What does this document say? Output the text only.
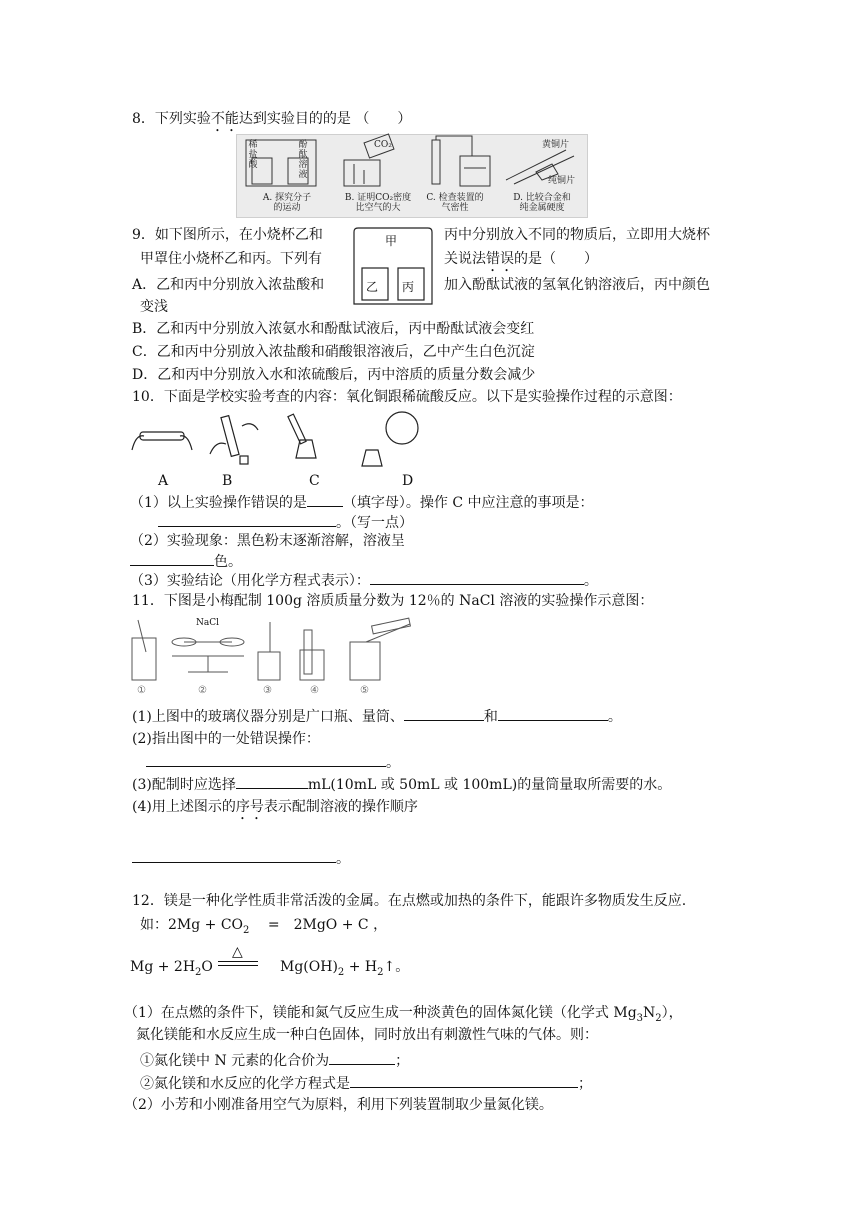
8．下列实验不能达到实验目的的是 （　　）
稀盐酸
酚酞溶液
CO₂	黄铜片
纯铜片
A. 探究分子
的运动
B. 证明CO₂密度
比空气的大
C. 检查装置的
气密性
D. 比较合金和
纯金属硬度
9．如下图所示，在小烧杯乙和	丙中分别放入不同的物质后，立即用大烧杯
甲罩住小烧杯乙和丙。下列有	关说法错误的是（　　）
甲
乙 丙
A．乙和丙中分别放入浓盐酸和	加入酚酞试液的氢氧化钠溶液后，丙中颜色
变浅
B．乙和丙中分别放入浓氨水和酚酞试液后，丙中酚酞试液会变红
C．乙和丙中分别放入浓盐酸和硝酸银溶液后，乙中产生白色沉淀
D．乙和丙中分别放入水和浓硫酸后，丙中溶质的质量分数会减少
10．下面是学校实验考查的内容：氧化铜跟稀硫酸反应。以下是实验操作过程的示意图：
A	B	C	D
（1）以上实验操作错误的是	（填字母）。操作 C 中应注意的事项是：
。（写一点）
（2）实验现象：黑色粉末逐渐溶解，溶液呈
色。
（3）实验结论（用化学方程式表示）：	。
11．下图是小梅配制 100g 溶质质量分数为 12％的 NaCl 溶液的实验操作示意图：
NaCl
①	②	③	④	⑤
(1)上图中的玻璃仪器分别是广口瓶、量筒、	和	。
(2)指出图中的一处错误操作：
。
(3)配制时应选择	mL(10mL 或 50mL 或 100mL)的量筒量取所需要的水。
(4)用上述图示的序号表示配制溶液的操作顺序
。
12．镁是一种化学性质非常活泼的金属。在点燃或加热的条件下，能跟许多物质发生反应.
如：$2Mg + CO_2 = 2MgO + C$ ，
△
$Mg + 2H_2O$	$Mg(OH)_2$ + $H_2↑$。
（1）在点燃的条件下，镁能和氮气反应生成一种淡黄色的固体氮化镁（化学式 $Mg_3N_2$），
氮化镁能和水反应生成一种白色固体，同时放出有刺激性气味的气体。则：
①氮化镁中 N 元素的化合价为	；
②氮化镁和水反应的化学方程式是	；
（2）小芳和小刚准备用空气为原料，利用下列装置制取少量氮化镁。
